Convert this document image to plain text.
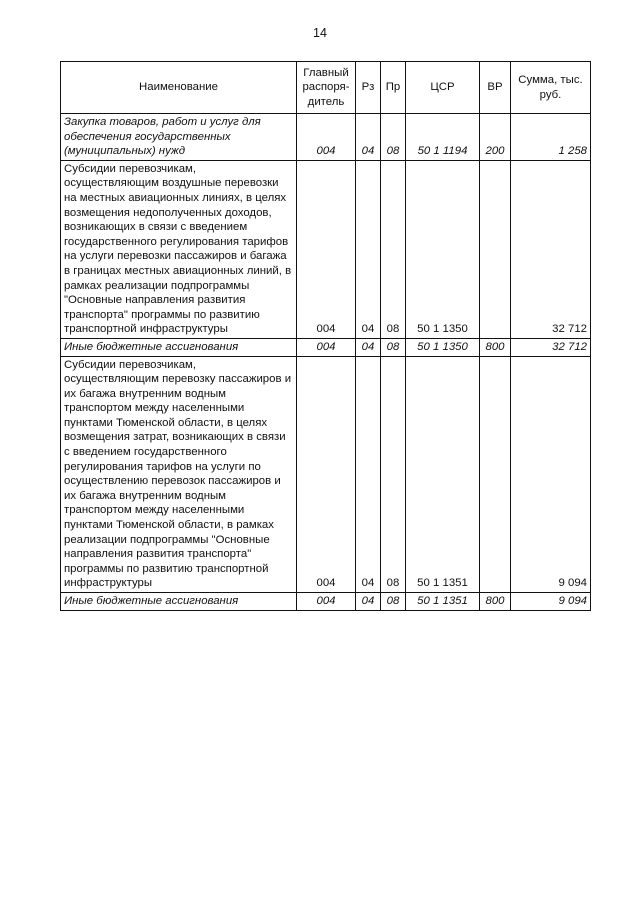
14
Наименование	Главный распоря-дитель	Рз	Пр	ЦСР	ВР	Сумма, тыс. руб.
Закупка товаров, работ и услуг для обеспечения государственных (муниципальных) нужд	004	04	08	50 1 1194	200	1 258
Субсидии перевозчикам, осуществляющим воздушные перевозки на местных авиационных линиях, в целях возмещения недополученных доходов, возникающих в связи с введением государственного регулирования тарифов на услуги перевозки пассажиров и багажа в границах местных авиационных линий, в рамках реализации подпрограммы "Основные направления развития транспорта" программы по развитию транспортной инфраструктуры	004	04	08	50 1 1350		32 712
Иные бюджетные ассигнования	004	04	08	50 1 1350	800	32 712
Субсидии перевозчикам, осуществляющим перевозку пассажиров и их багажа внутренним водным транспортом между населенными пунктами Тюменской области, в целях возмещения затрат, возникающих в связи с введением государственного регулирования тарифов на услуги по осуществлению перевозок пассажиров и их багажа внутренним водным транспортом между населенными пунктами Тюменской области, в рамках реализации подпрограммы "Основные направления развития транспорта" программы по развитию транспортной инфраструктуры	004	04	08	50 1 1351		9 094
Иные бюджетные ассигнования	004	04	08	50 1 1351	800	9 094
